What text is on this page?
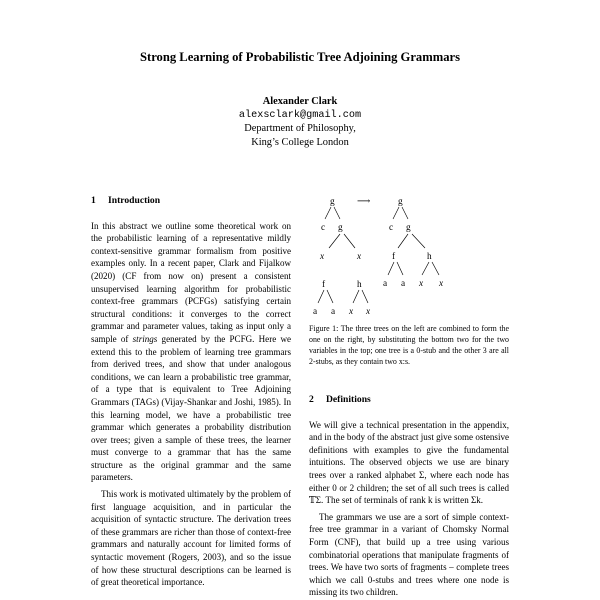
Strong Learning of Probabilistic Tree Adjoining Grammars
Alexander Clark
alexsclark@gmail.com
Department of Philosophy,
King’s College London
1 Introduction

In this abstract we outline some theoretical work on the probabilistic learning of a representative mildly context-sensitive grammar formalism from positive examples only. In a recent paper, Clark and Fijalkow (2020) (CF from now on) present a consistent unsupervised learning algorithm for probabilistic context-free grammars (PCFGs) satisfying certain structural conditions: it converges to the correct grammar and parameter values, taking as input only a sample of strings generated by the PCFG. Here we extend this to the problem of learning tree grammars from derived trees, and show that under analogous conditions, we can learn a probabilistic tree grammar, of a type that is equivalent to Tree Adjoining Grammars (TAGs) (Vijay-Shankar and Joshi, 1985). In this learning model, we have a probabilistic tree grammar which generates a probability distribution over trees; given a sample of these trees, the learner must converge to a grammar that has the same structure as the original grammar and the same parameters.

This work is motivated ultimately by the problem of first language acquisition, and in particular the acquisition of syntactic structure. The derivation trees of these grammars are richer than those of context-free grammars and naturally account for limited forms of syntactic movement (Rogers, 2003), and so the issue of how these structural descriptions can be learned is of great theoretical importance.

g
c g
x	x
⟶	g
c g
f	h
a a x x
f
a a
h
x x
Figure 1: The three trees on the left are combined to form the one on the right, by substituting the bottom two for the two variables in the top; one tree is a 0-stub and the other 3 are all 2-stubs, as they contain two x:s.
2 Definitions

We will give a technical presentation in the appendix, and in the body of the abstract just give some ostensive definitions with examples to give the fundamental intuitions. The observed objects we use are binary trees over a ranked alphabet Σ, where each node has either 0 or 2 children; the set of all such trees is called 𝕋Σ. The set of terminals of rank k is written Σk.

The grammars we use are a sort of simple context-free tree grammar in a variant of Chomsky Normal Form (CNF), that build up a tree using various combinatorial operations that manipulate fragments of trees. We have two sorts of fragments – complete trees which we call 0-stubs and trees where one node is missing its two children.
